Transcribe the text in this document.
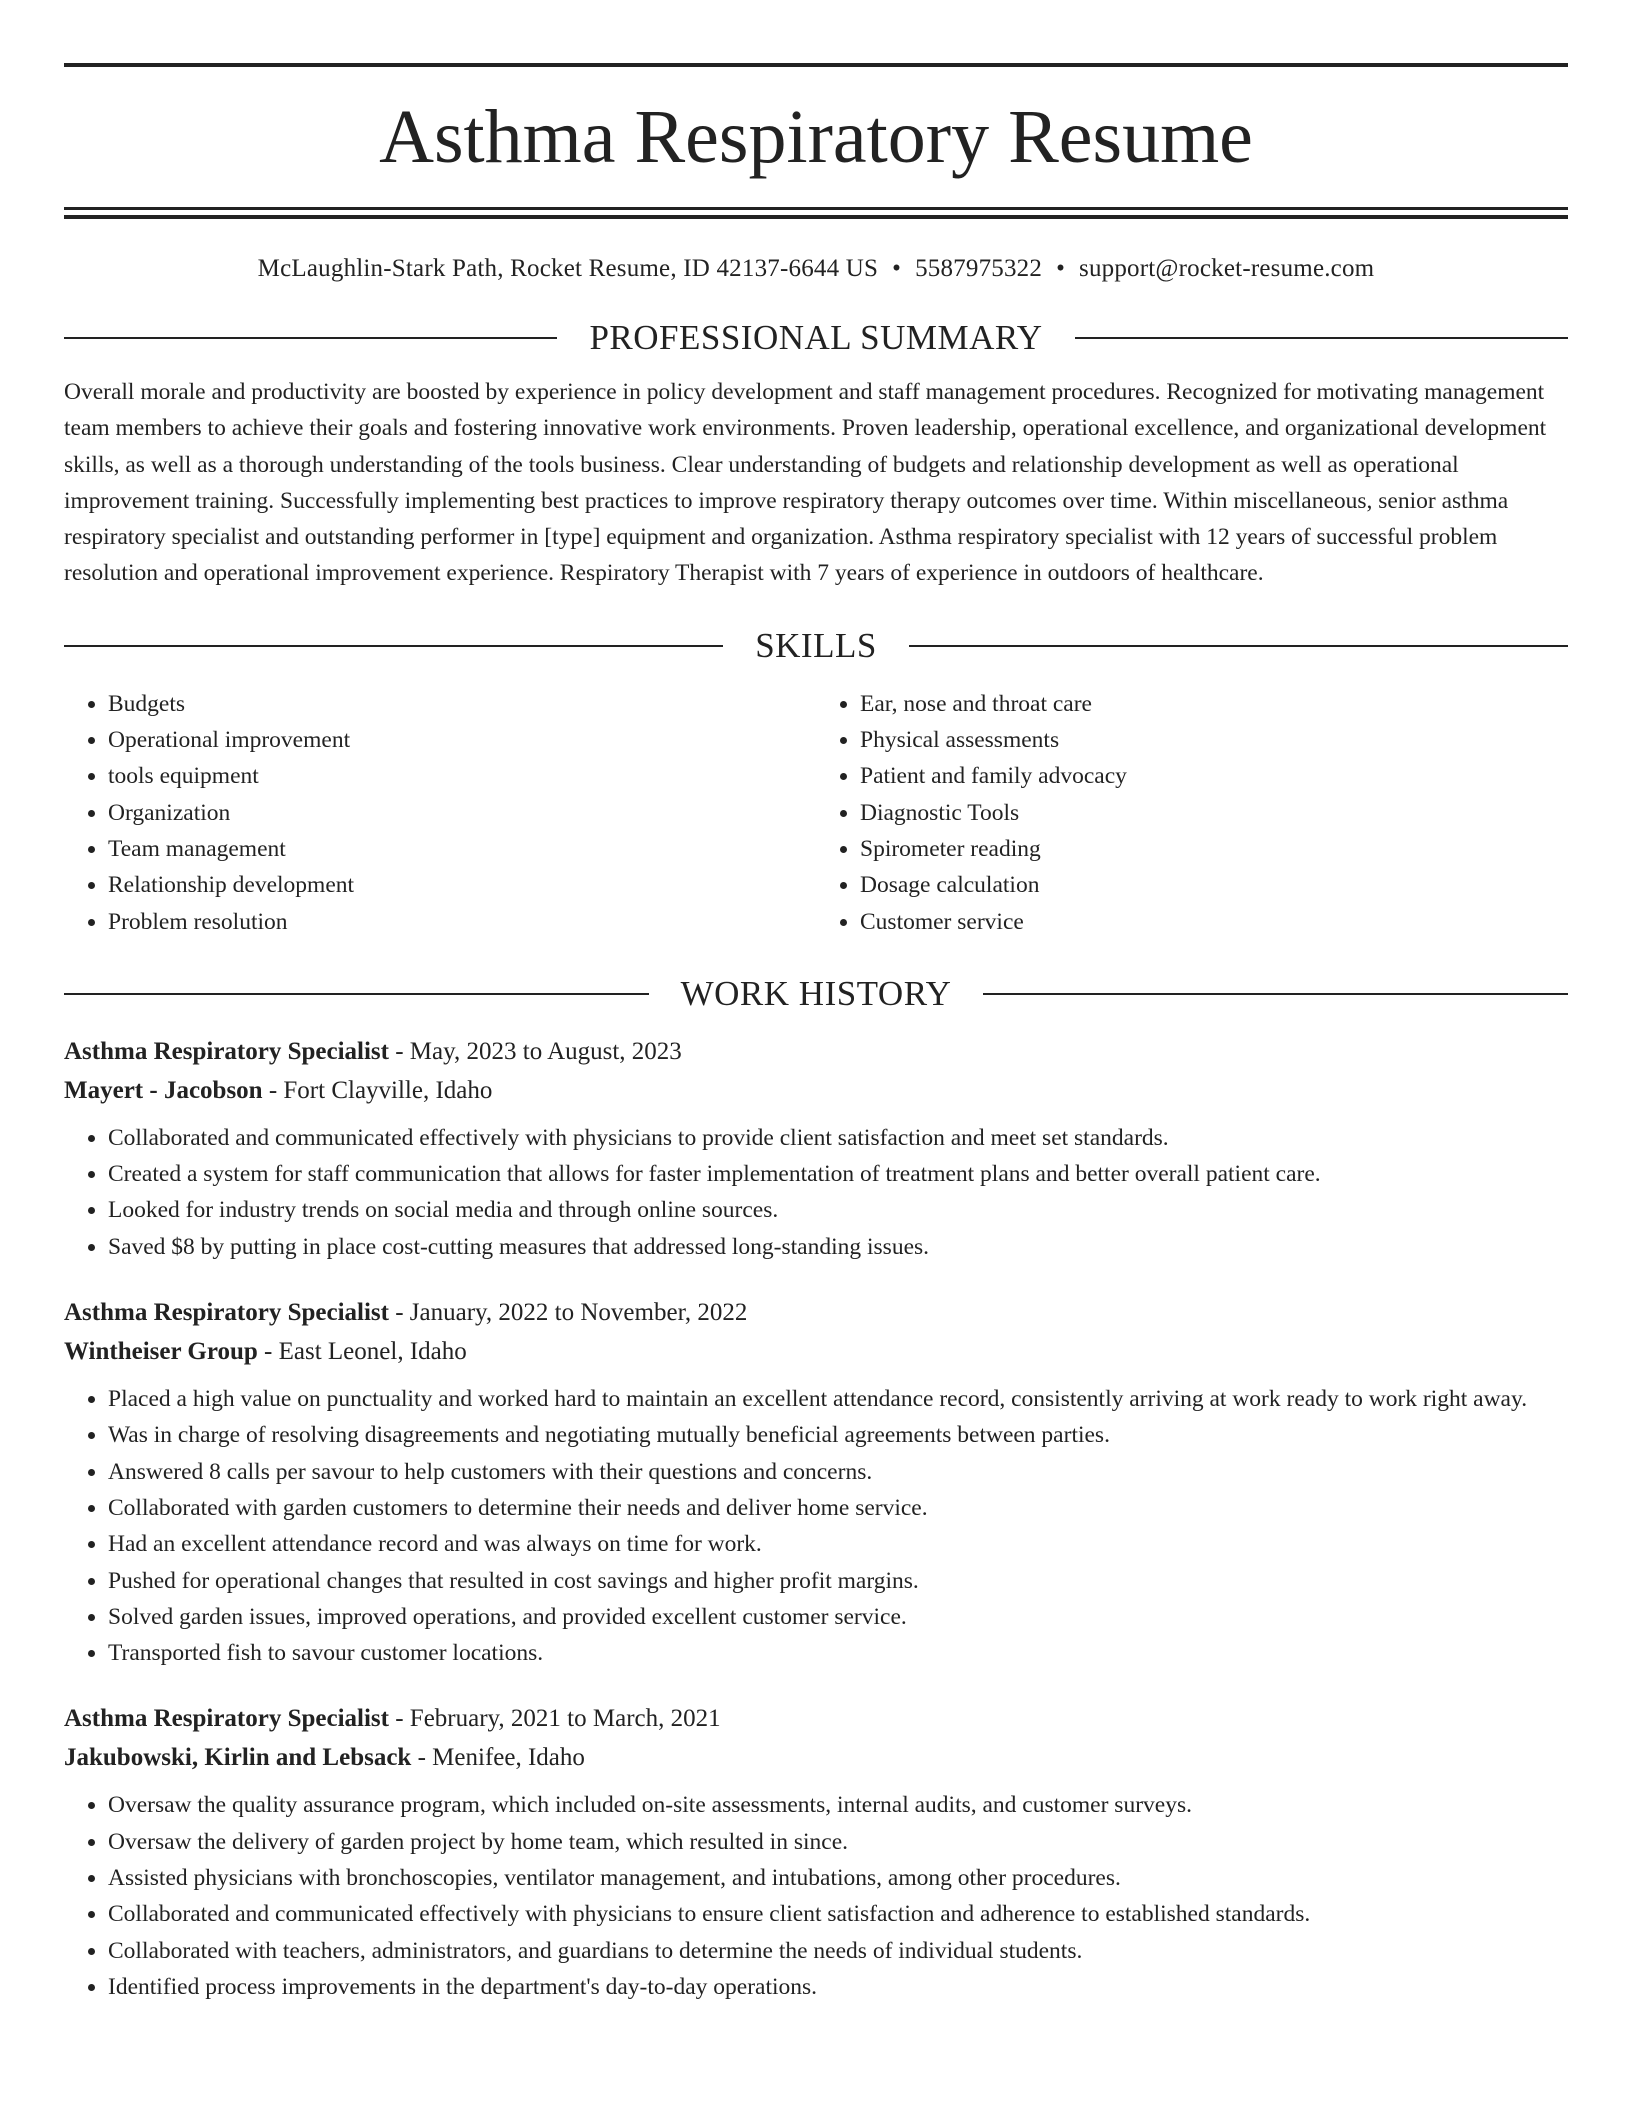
Asthma Respiratory Resume
McLaughlin-Stark Path, Rocket Resume, ID 42137-6644 US • 5587975322 • support@rocket-resume.com
PROFESSIONAL SUMMARY
Overall morale and productivity are boosted by experience in policy development and staff management procedures. Recognized for motivating management team members to achieve their goals and fostering innovative work environments. Proven leadership, operational excellence, and organizational development skills, as well as a thorough understanding of the tools business. Clear understanding of budgets and relationship development as well as operational improvement training. Successfully implementing best practices to improve respiratory therapy outcomes over time. Within miscellaneous, senior asthma respiratory specialist and outstanding performer in [type] equipment and organization. Asthma respiratory specialist with 12 years of successful problem resolution and operational improvement experience. Respiratory Therapist with 7 years of experience in outdoors of healthcare.
SKILLS
• Budgets
• Operational improvement
• tools equipment
• Organization
• Team management
• Relationship development
• Problem resolution
• Ear, nose and throat care
• Physical assessments
• Patient and family advocacy
• Diagnostic Tools
• Spirometer reading
• Dosage calculation
• Customer service
WORK HISTORY
Asthma Respiratory Specialist - May, 2023 to August, 2023
Mayert - Jacobson - Fort Clayville, Idaho
• Collaborated and communicated effectively with physicians to provide client satisfaction and meet set standards.
• Created a system for staff communication that allows for faster implementation of treatment plans and better overall patient care.
• Looked for industry trends on social media and through online sources.
• Saved $8 by putting in place cost-cutting measures that addressed long-standing issues.
Asthma Respiratory Specialist - January, 2022 to November, 2022
Wintheiser Group - East Leonel, Idaho
• Placed a high value on punctuality and worked hard to maintain an excellent attendance record, consistently arriving at work ready to work right away.
• Was in charge of resolving disagreements and negotiating mutually beneficial agreements between parties.
• Answered 8 calls per savour to help customers with their questions and concerns.
• Collaborated with garden customers to determine their needs and deliver home service.
• Had an excellent attendance record and was always on time for work.
• Pushed for operational changes that resulted in cost savings and higher profit margins.
• Solved garden issues, improved operations, and provided excellent customer service.
• Transported fish to savour customer locations.
Asthma Respiratory Specialist - February, 2021 to March, 2021
Jakubowski, Kirlin and Lebsack - Menifee, Idaho
• Oversaw the quality assurance program, which included on-site assessments, internal audits, and customer surveys.
• Oversaw the delivery of garden project by home team, which resulted in since.
• Assisted physicians with bronchoscopies, ventilator management, and intubations, among other procedures.
• Collaborated and communicated effectively with physicians to ensure client satisfaction and adherence to established standards.
• Collaborated with teachers, administrators, and guardians to determine the needs of individual students.
• Identified process improvements in the department's day-to-day operations.
